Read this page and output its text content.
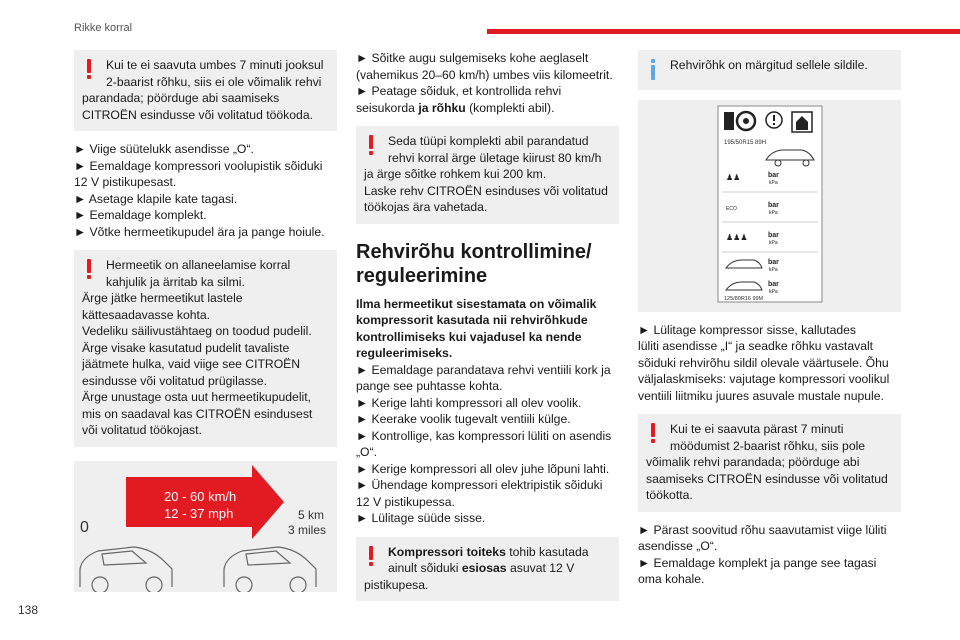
Rikke korral
138

Kui te ei saavuta umbes 7 minuti jooksul

2-baarist rõhku, siis ei ole võimalik rehvi

parandada; pöörduge abi saamiseks

CITROËN esindusse või volitatud töökoda.

► Viige süütelukk asendisse „O“.

► Eemaldage kompressori voolupistik sõiduki

12 V pistikupesast.

► Asetage klapile kate tagasi.

► Eemaldage komplekt.

► Võtke hermeetikupudel ära ja pange hoiule.

Hermeetik on allaneelamise korral

kahjulik ja ärritab ka silmi.

Ärge jätke hermeetikut lastele

kättesaadavasse kohta.

Vedeliku säilivustähtaeg on toodud pudelil.

Ärge visake kasutatud pudelit tavaliste

jäätmete hulka, vaid viige see CITROËN

esindusse või volitatud prügilasse.

Ärge unustage osta uut hermeetikupudelit,

mis on saadaval kas CITROËN esindusest

või volitatud töökojast.

20 - 60 km/h
12 - 37 mph
0
5 km
3 miles

► Sõitke augu sulgemiseks kohe aeglaselt

(vahemikus 20–60 km/h) umbes viis kilomeetrit.

► Peatage sõiduk, et kontrollida rehvi

seisukorda ja rõhku (komplekti abil).

Seda tüüpi komplekti abil parandatud

rehvi korral ärge ületage kiirust 80 km/h

ja ärge sõitke rohkem kui 200 km.

Laske rehv CITROËN esinduses või volitatud

töökojas ära vahetada.

Rehvirõhu kontrollimine/
reguleerimine

Ilma hermeetikut sisestamata on võimalik

kompressorit kasutada nii rehvirõhkude

kontrollimiseks kui vajadusel ka nende

reguleerimiseks.

► Eemaldage parandatava rehvi ventiili kork ja

pange see puhtasse kohta.

► Kerige lahti kompressori all olev voolik.

► Keerake voolik tugevalt ventiili külge.

► Kontrollige, kas kompressori lüliti on asendis

„O“.

► Kerige kompressori all olev juhe lõpuni lahti.

► Ühendage kompressori elektripistik sõiduki

12 V pistikupessa.

► Lülitage süüde sisse.

Kompressori toiteks tohib kasutada

ainult sõiduki esiosas asuvat 12 V

pistikupesa.

Rehvirõhk on märgitud sellele sildile.

195/50R15 89H
♟♟	bar
kPa
ECO	bar
kPa
♟♟♟	bar
kPa
bar
kPa
bar
kPa
125/80R16 99M

► Lülitage kompressor sisse, kallutades

lüliti asendisse „I“ ja seadke rõhku vastavalt

sõiduki rehvirõhu sildil olevale väärtusele. Õhu

väljalaskmiseks: vajutage kompressori voolikul

ventiili liitmiku juures asuvale mustale nupule.

Kui te ei saavuta pärast 7 minuti

möödumist 2-baarist rõhku, siis pole

võimalik rehvi parandada; pöörduge abi

saamiseks CITROËN esindusse või volitatud

töökotta.

► Pärast soovitud rõhu saavutamist viige lüliti

asendisse „O“.

► Eemaldage komplekt ja pange see tagasi

oma kohale.
